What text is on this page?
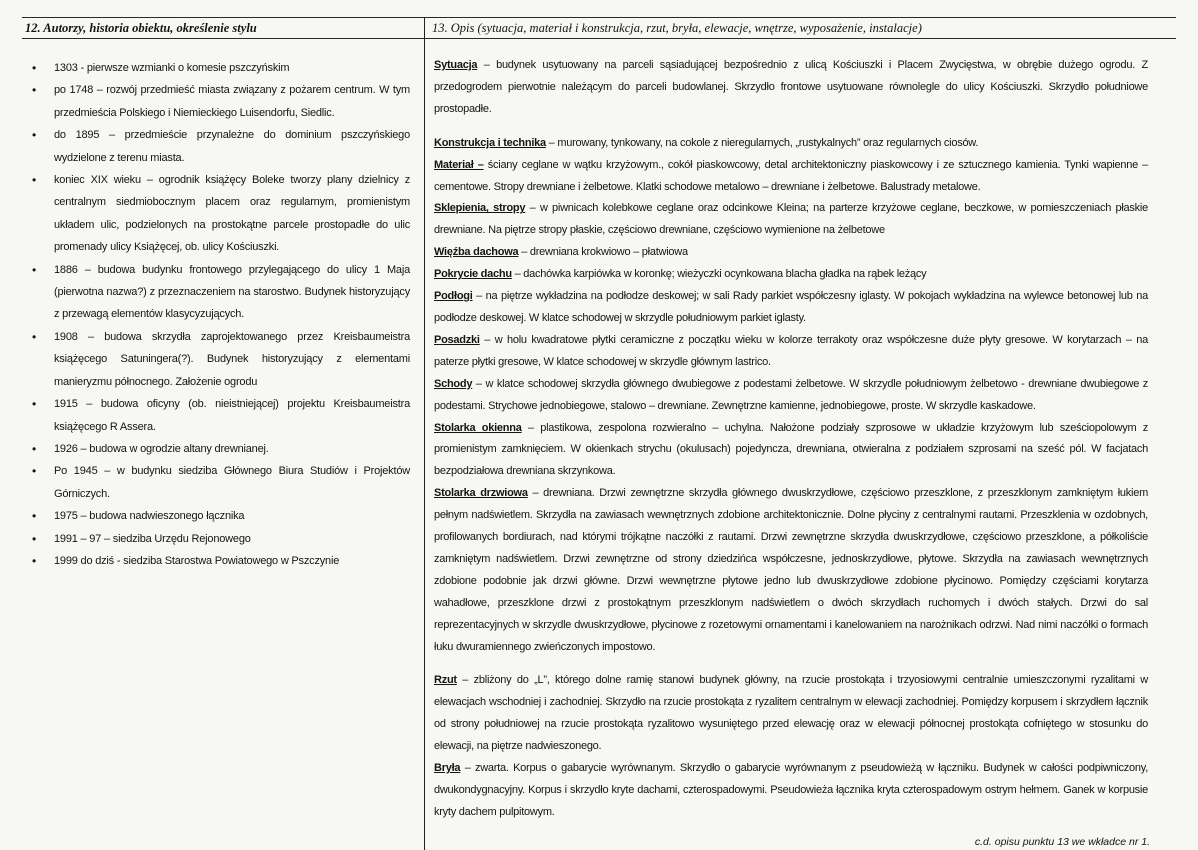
12. Autorzy, historia obiektu, określenie stylu	13. Opis (sytuacja, materiał i konstrukcja, rzut, bryła, elewacje, wnętrze, wyposażenie, instalacje)
• 1303 - pierwsze wzmianki o komesie pszczyńskim
• po 1748 – rozwój przedmieść miasta związany z pożarem centrum. W tym przedmieścia Polskiego i Niemieckiego Luisendorfu, Siedlic.
• do 1895 – przedmieście przynależne do dominium pszczyńskiego wydzielone z terenu miasta.
• koniec XIX wieku – ogrodnik książęcy Boleke tworzy plany dzielnicy z centralnym siedmiobocznym placem oraz regularnym, promienistym układem ulic, podzielonych na prostokątne parcele prostopadłe do ulic promenady ulicy Książęcej, ob. ulicy Kościuszki.
• 1886 – budowa budynku frontowego przylegającego do ulicy 1 Maja (pierwotna nazwa?) z przeznaczeniem na starostwo. Budynek historyzujący z przewagą elementów klasycyzujących.
• 1908 – budowa skrzydła zaprojektowanego przez Kreisbaumeistra książęcego Satuningera(?). Budynek historyzujący z elementami manieryzmu północnego. Założenie ogrodu
• 1915 – budowa oficyny (ob. nieistniejącej) projektu Kreisbaumeistra książęcego R Assera.
• 1926 – budowa w ogrodzie altany drewnianej.
• Po 1945 – w budynku siedziba Głównego Biura Studiów i Projektów Górniczych.
• 1975 – budowa nadwieszonego łącznika
• 1991 – 97 – siedziba Urzędu Rejonowego
• 1999 do dziś - siedziba Starostwa Powiatowego w Pszczynie

Sytuacja – budynek usytuowany na parceli sąsiadującej bezpośrednio z ulicą Kościuszki i Placem Zwycięstwa, w obrębie dużego ogrodu. Z przedogrodem pierwotnie należącym do parceli budowlanej. Skrzydło frontowe usytuowane równolegle do ulicy Kościuszki. Skrzydło południowe prostopadłe.

Konstrukcja i technika – murowany, tynkowany, na cokole z nieregularnych, „rustykalnych” oraz regularnych ciosów.

Materiał – ściany ceglane w wątku krzyżowym., cokół piaskowcowy, detal architektoniczny piaskowcowy i ze sztucznego kamienia. Tynki wapienne – cementowe. Stropy drewniane i żelbetowe. Klatki schodowe metalowo – drewniane i żelbetowe. Balustrady metalowe.

Sklepienia, stropy – w piwnicach kolebkowe ceglane oraz odcinkowe Kleina; na parterze krzyżowe ceglane, beczkowe, w pomieszczeniach płaskie drewniane. Na piętrze stropy płaskie, częściowo drewniane, częściowo wymienione na żelbetowe

Więźba dachowa – drewniana krokwiowo – płatwiowa

Pokrycie dachu – dachówka karpiówka w koronkę; wieżyczki ocynkowana blacha gładka na rąbek leżący

Podłogi – na piętrze wykładzina na podłodze deskowej; w sali Rady parkiet współczesny iglasty. W pokojach wykładzina na wylewce betonowej lub na podłodze deskowej. W klatce schodowej w skrzydle południowym parkiet iglasty.

Posadzki – w holu kwadratowe płytki ceramiczne z początku wieku w kolorze terrakoty oraz współczesne duże płyty gresowe. W korytarzach – na paterze płytki gresowe, W klatce schodowej w skrzydle głównym lastrico.

Schody – w klatce schodowej skrzydła głównego dwubiegowe z podestami żelbetowe. W skrzydle południowym żelbetowo - drewniane dwubiegowe z podestami. Strychowe jednobiegowe, stalowo – drewniane. Zewnętrzne kamienne, jednobiegowe, proste. W skrzydle kaskadowe.

Stolarka okienna – plastikowa, zespolona rozwieralno – uchylna. Nałożone podziały szprosowe w układzie krzyżowym lub sześciopolowym z promienistym zamknięciem. W okienkach strychu (okulusach) pojedyncza, drewniana, otwieralna z podziałem szprosami na sześć pól. W facjatach bezpodziałowa drewniana skrzynkowa.

Stolarka drzwiowa – drewniana. Drzwi zewnętrzne skrzydła głównego dwuskrzydłowe, częściowo przeszklone, z przeszklonym zamkniętym łukiem pełnym nadświetlem. Skrzydła na zawiasach wewnętrznych zdobione architektonicznie. Dolne płyciny z centralnymi rautami. Przeszklenia w ozdobnych, profilowanych bordiurach, nad którymi trójkątne naczółki z rautami. Drzwi zewnętrzne skrzydła dwuskrzydłowe, częściowo przeszklone, a półkoliście zamkniętym nadświetlem. Drzwi zewnętrzne od strony dziedzińca współczesne, jednoskrzydłowe, płytowe. Skrzydła na zawiasach wewnętrznych zdobione podobnie jak drzwi główne. Drzwi wewnętrzne płytowe jedno lub dwuskrzydłowe zdobione płycinowo. Pomiędzy częściami korytarza wahadłowe, przeszklone drzwi z prostokątnym przeszklonym nadświetlem o dwóch skrzydłach ruchomych i dwóch stałych. Drzwi do sal reprezentacyjnych w skrzydle dwuskrzydłowe, płycinowe z rozetowymi ornamentami i kanelowaniem na narożnikach odrzwi. Nad nimi naczółki o formach łuku dwuramiennego zwieńczonych impostowo.

Rzut – zbliżony do „L”, którego dolne ramię stanowi budynek główny, na rzucie prostokąta i trzyosiowymi centralnie umieszczonymi ryzalitami w elewacjach wschodniej i zachodniej. Skrzydło na rzucie prostokąta z ryzalitem centralnym w elewacji zachodniej. Pomiędzy korpusem i skrzydłem łącznik od strony południowej na rzucie prostokąta ryzalitowo wysuniętego przed elewację oraz w elewacji północnej prostokąta cofniętego w stosunku do elewacji, na piętrze nadwieszonego.

Bryła – zwarta. Korpus o gabarycie wyrównanym. Skrzydło o gabarycie wyrównanym z pseudowieżą w łączniku. Budynek w całości podpiwniczony, dwukondygnacyjny. Korpus i skrzydło kryte dachami, czterospadowymi. Pseudowieża łącznika kryta czterospadowym ostrym hełmem. Ganek w korpusie kryty dachem pulpitowym.

c.d. opisu punktu 13 we wkładce nr 1.
